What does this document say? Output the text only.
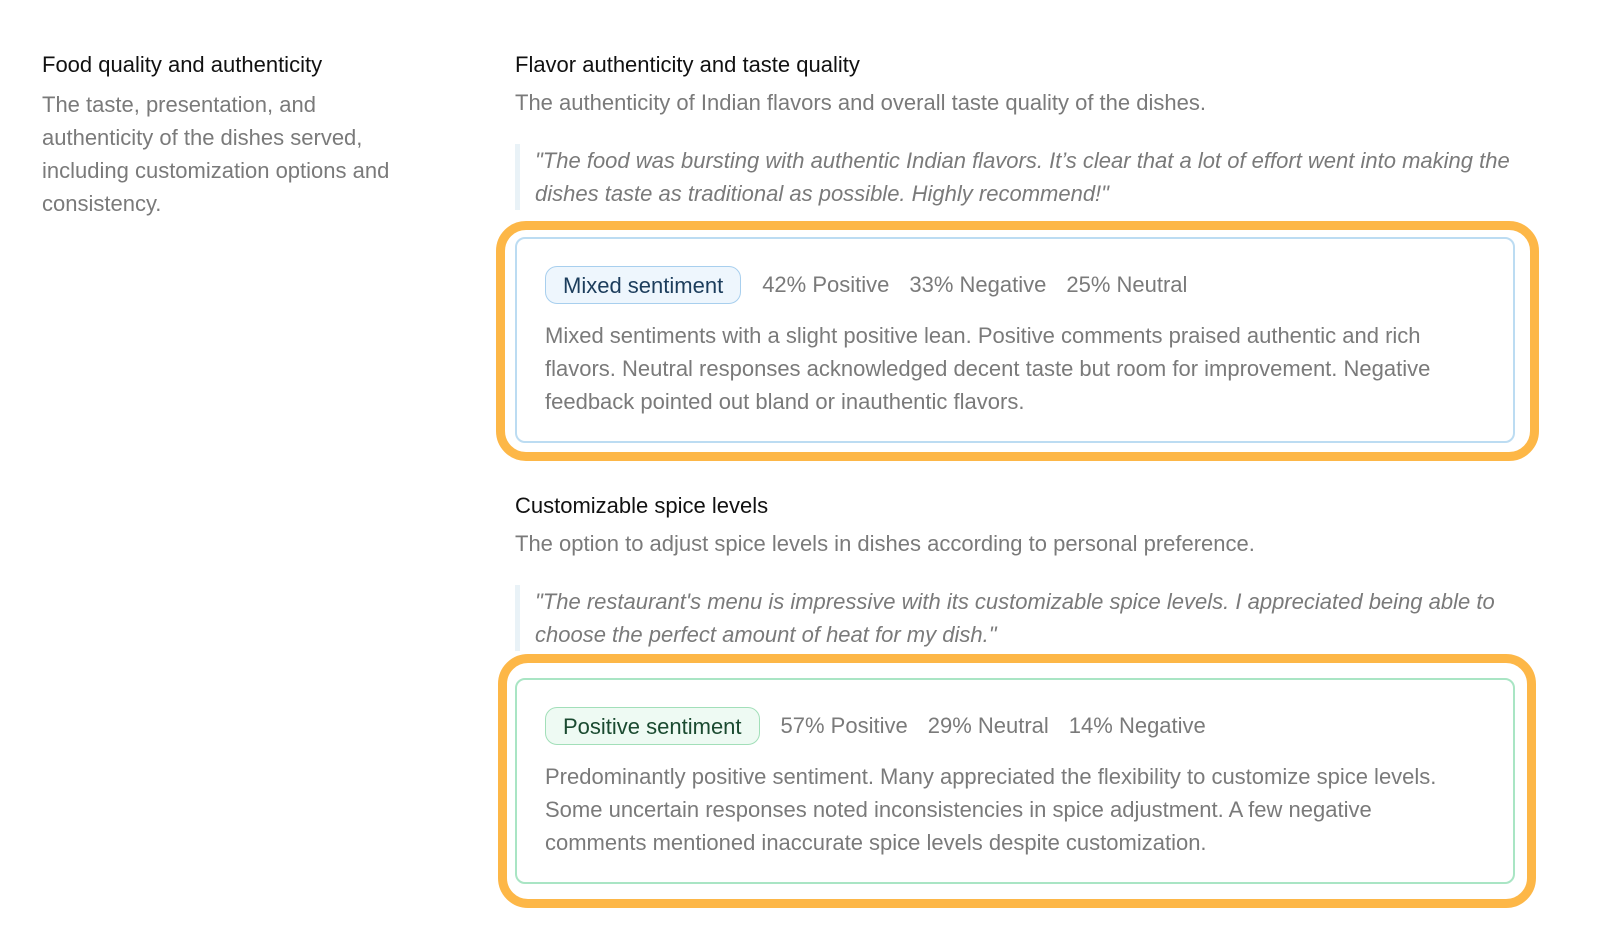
Food quality and authenticity

The taste, presentation, and authenticity of the dishes served, including customization options and consistency.

Flavor authenticity and taste quality

The authenticity of Indian flavors and overall taste quality of the dishes.

"The food was bursting with authentic Indian flavors. It’s clear that a lot of effort went into making the dishes taste as traditional as possible. Highly recommend!"
Mixed sentiment	42% Positive 33% Negative 25% Neutral

Mixed sentiments with a slight positive lean. Positive comments praised authentic and rich flavors. Neutral responses acknowledged decent taste but room for improvement. Negative feedback pointed out bland or inauthentic flavors.

Customizable spice levels

The option to adjust spice levels in dishes according to personal preference.

"The restaurant's menu is impressive with its customizable spice levels. I appreciated being able to choose the perfect amount of heat for my dish."
Positive sentiment	57% Positive 29% Neutral 14% Negative

Predominantly positive sentiment. Many appreciated the flexibility to customize spice levels. Some uncertain responses noted inconsistencies in spice adjustment. A few negative comments mentioned inaccurate spice levels despite customization.
